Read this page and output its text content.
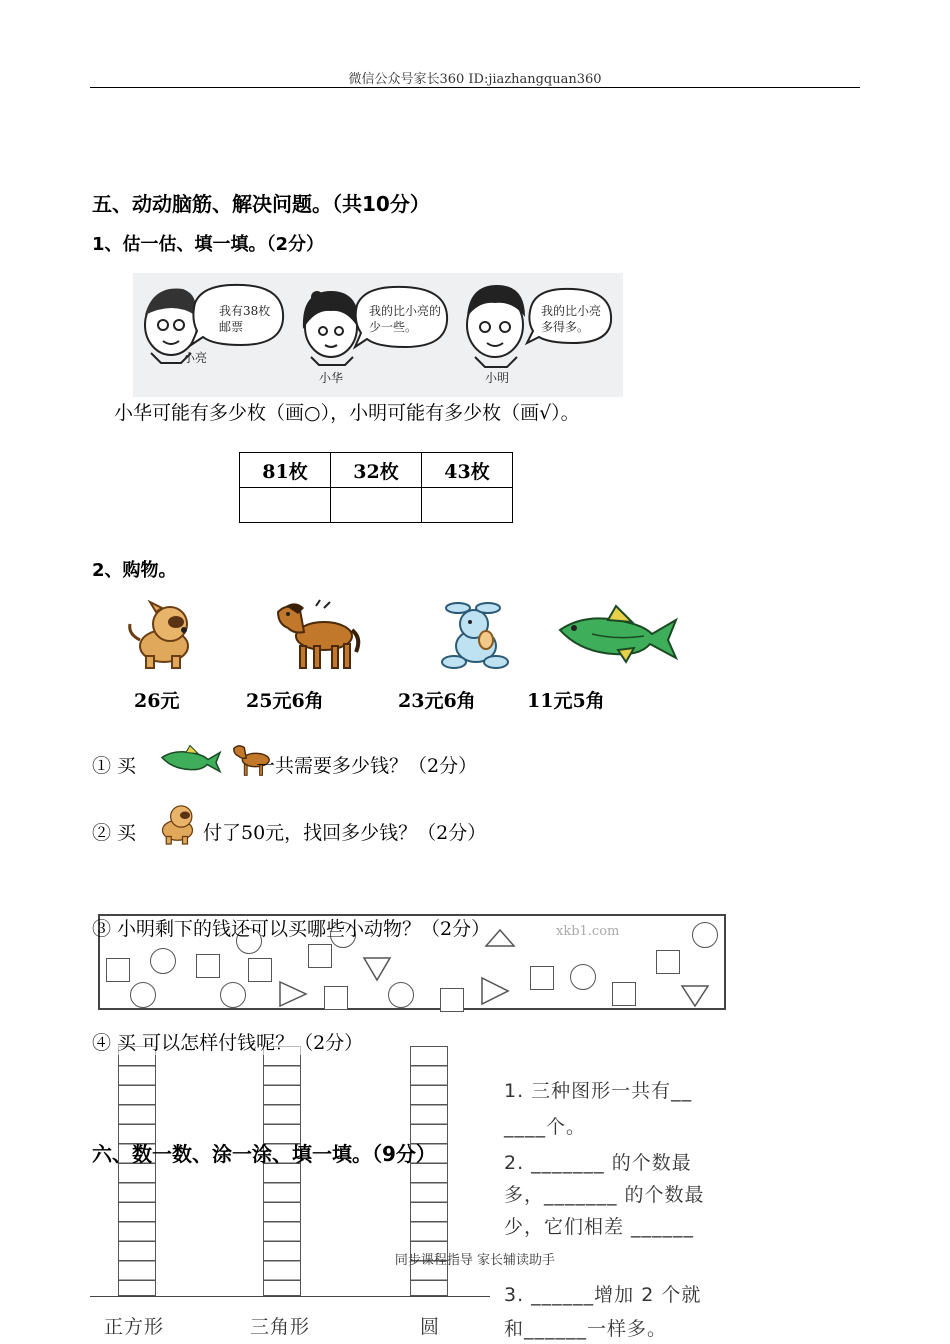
微信公众号家长360 ID:jiazhangquan360
五、动动脑筋、解决问题。（共10分）
1、估一估、填一填。（2分）
我有38枚邮票
我的比小亮的少一些。
我的比小亮多得多。
小亮
小华	小明
小华可能有多少枚（画○），小明可能有多少枚（画√）。
81枚	32枚	43枚

2、购物。
26元	25元6角	23元6角	11元5角
① 买	一共需要多少钱？（2分）
② 买	付了50元，找回多少钱？（2分）
xkb1.com
③ 小明剩下的钱还可以买哪些小动物？（2分）
正方形	三角形	圆
1. 三种图形一共有__
____个。
2. _______ 的个数最
多，_______ 的个数最
少，它们相差 ______
3. ______增加 2 个就
和______一样多。
④ 买 可以怎样付钱呢？（2分）
六、数一数、涂一涂、填一填。（9分）
同步课程指导 家长辅读助手
